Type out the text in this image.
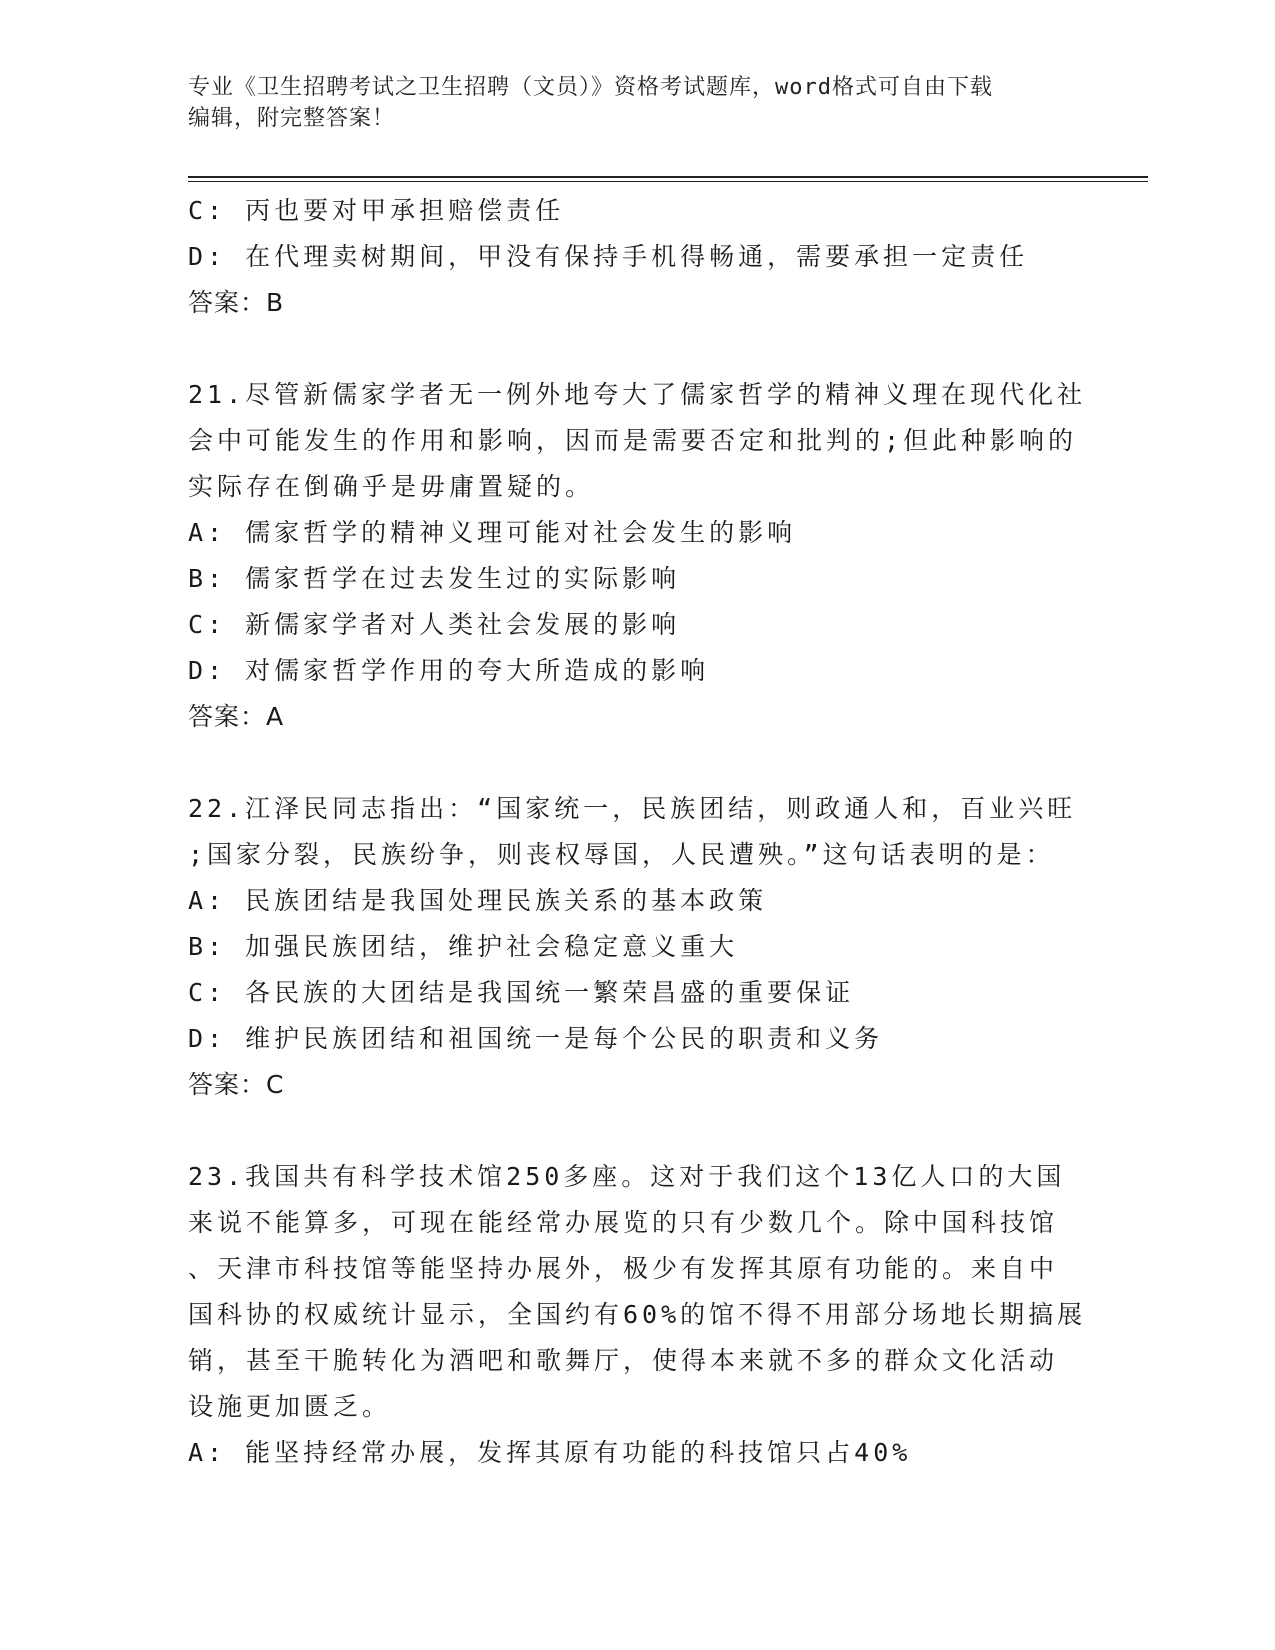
专业《卫生招聘考试之卫生招聘（文员）》资格考试题库，word格式可自由下载
编辑，附完整答案！
C: 丙也要对甲承担赔偿责任
D: 在代理卖树期间，甲没有保持手机得畅通，需要承担一定责任
答案：B
21.尽管新儒家学者无一例外地夸大了儒家哲学的精神义理在现代化社
会中可能发生的作用和影响，因而是需要否定和批判的;但此种影响的
实际存在倒确乎是毋庸置疑的。
A: 儒家哲学的精神义理可能对社会发生的影响
B: 儒家哲学在过去发生过的实际影响
C: 新儒家学者对人类社会发展的影响
D: 对儒家哲学作用的夸大所造成的影响
答案：A
22.江泽民同志指出：“国家统一，民族团结，则政通人和，百业兴旺
;国家分裂，民族纷争，则丧权辱国，人民遭殃。”这句话表明的是：
A: 民族团结是我国处理民族关系的基本政策
B: 加强民族团结，维护社会稳定意义重大
C: 各民族的大团结是我国统一繁荣昌盛的重要保证
D: 维护民族团结和祖国统一是每个公民的职责和义务
答案：C
23.我国共有科学技术馆250多座。这对于我们这个13亿人口的大国
来说不能算多，可现在能经常办展览的只有少数几个。除中国科技馆
、天津市科技馆等能坚持办展外，极少有发挥其原有功能的。来自中
国科协的权威统计显示，全国约有60%的馆不得不用部分场地长期搞展
销，甚至干脆转化为酒吧和歌舞厅，使得本来就不多的群众文化活动
设施更加匮乏。
A: 能坚持经常办展，发挥其原有功能的科技馆只占40%
